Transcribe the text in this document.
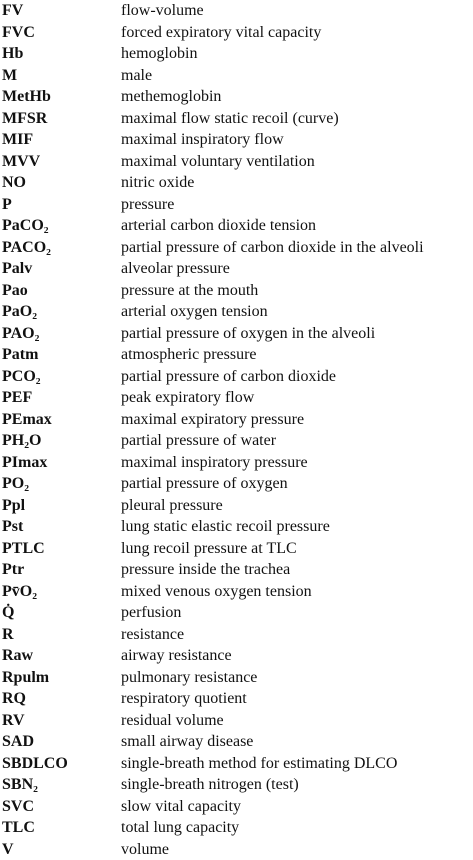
FV	flow-volume
FVC	forced expiratory vital capacity
Hb	hemoglobin
M	male
MetHb	methemoglobin
MFSR	maximal flow static recoil (curve)
MIF	maximal inspiratory flow
MVV	maximal voluntary ventilation
NO	nitric oxide
P	pressure
PaCO₂	arterial carbon dioxide tension
PACO₂	partial pressure of carbon dioxide in the alveoli
Palv	alveolar pressure
Pao	pressure at the mouth
PaO₂	arterial oxygen tension
PAO₂	partial pressure of oxygen in the alveoli
Patm	atmospheric pressure
PCO₂	partial pressure of carbon dioxide
PEF	peak expiratory flow
PEmax	maximal expiratory pressure
PH₂O	partial pressure of water
PImax	maximal inspiratory pressure
PO₂	partial pressure of oxygen
Ppl	pleural pressure
Pst	lung static elastic recoil pressure
PTLC	lung recoil pressure at TLC
Ptr	pressure inside the trachea
Pv̄O₂	mixed venous oxygen tension
Q̇	perfusion
R	resistance
Raw	airway resistance
Rpulm	pulmonary resistance
RQ	respiratory quotient
RV	residual volume
SAD	small airway disease
SBDLCO	single-breath method for estimating DLCO
SBN₂	single-breath nitrogen (test)
SVC	slow vital capacity
TLC	total lung capacity
V	volume
